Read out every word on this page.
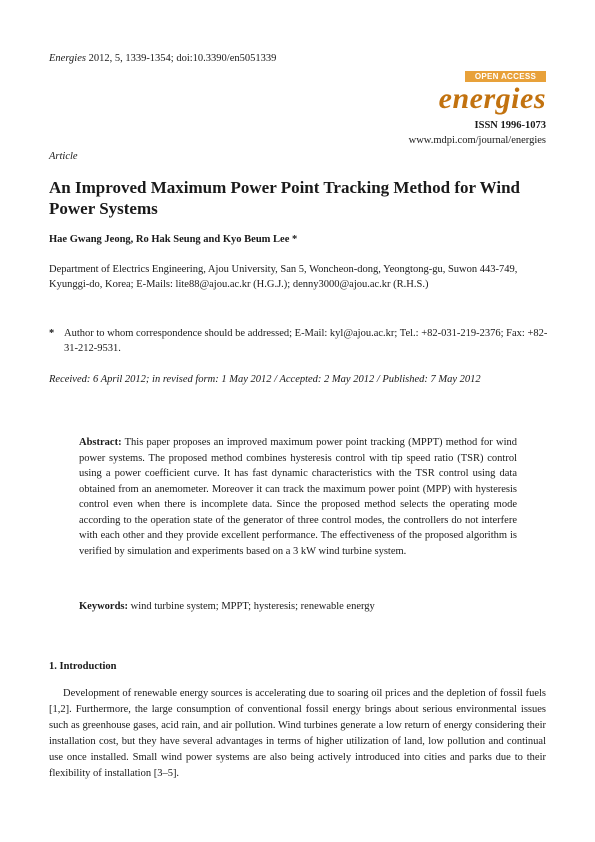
Energies 2012, 5, 1339-1354; doi:10.3390/en5051339
OPEN ACCESS
energies
ISSN 1996-1073
www.mdpi.com/journal/energies
Article
An Improved Maximum Power Point Tracking Method for Wind Power Systems
Hae Gwang Jeong, Ro Hak Seung and Kyo Beum Lee *
Department of Electrics Engineering, Ajou University, San 5, Woncheon-dong, Yeongtong-gu, Suwon 443-749, Kyunggi-do, Korea; E-Mails: lite88@ajou.ac.kr (H.G.J.); denny3000@ajou.ac.kr (R.H.S.)
* Author to whom correspondence should be addressed; E-Mail: kyl@ajou.ac.kr; Tel.: +82-031-219-2376; Fax: +82-31-212-9531.
Received: 6 April 2012; in revised form: 1 May 2012 / Accepted: 2 May 2012 / Published: 7 May 2012
Abstract: This paper proposes an improved maximum power point tracking (MPPT) method for wind power systems. The proposed method combines hysteresis control with tip speed ratio (TSR) control using a power coefficient curve. It has fast dynamic characteristics with the TSR control using data obtained from an anemometer. Moreover it can track the maximum power point (MPP) with hysteresis control even when there is incomplete data. Since the proposed method selects the operating mode according to the operation state of the generator of three control modes, the controllers do not interfere with each other and they provide excellent performance. The effectiveness of the proposed algorithm is verified by simulation and experiments based on a 3 kW wind turbine system.
Keywords: wind turbine system; MPPT; hysteresis; renewable energy
1. Introduction
Development of renewable energy sources is accelerating due to soaring oil prices and the depletion of fossil fuels [1,2]. Furthermore, the large consumption of conventional fossil energy brings about serious environmental issues such as greenhouse gases, acid rain, and air pollution. Wind turbines generate a low return of energy considering their installation cost, but they have several advantages in terms of higher utilization of land, low pollution and continual use once installed. Small wind power systems are also being actively introduced into cities and parks due to their flexibility of installation [3–5].
